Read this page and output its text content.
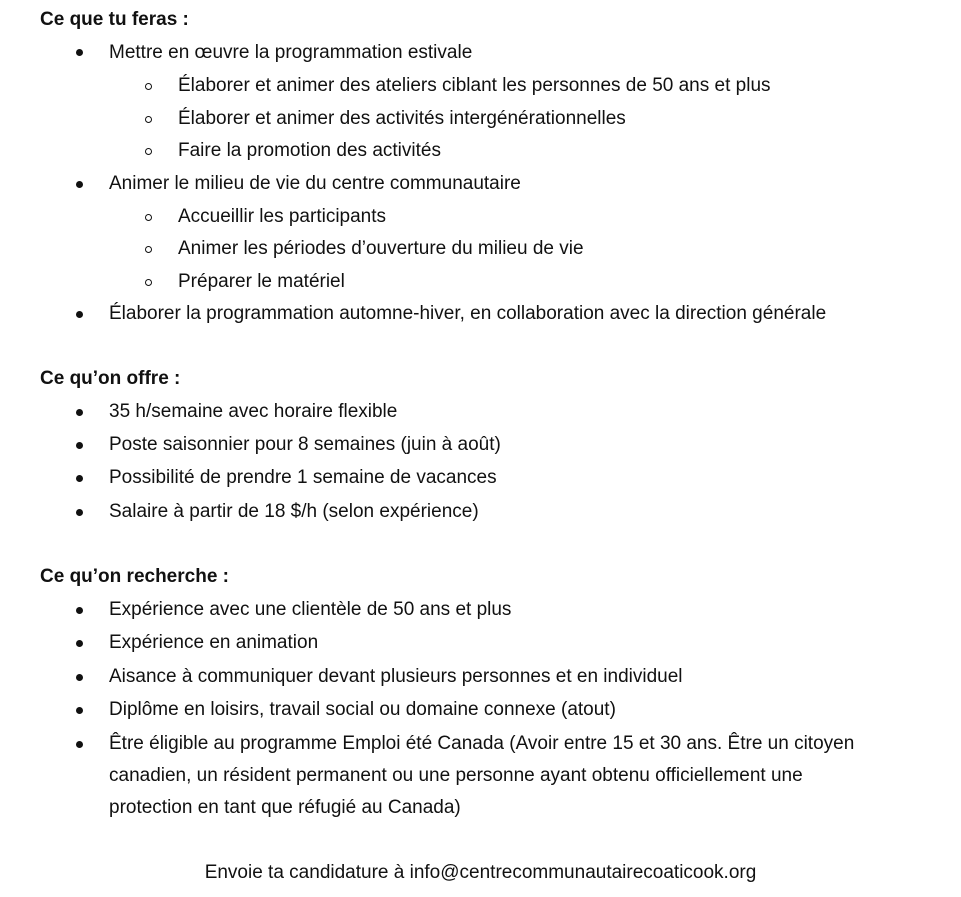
Ce que tu feras :
Mettre en œuvre la programmation estivale
Élaborer et animer des ateliers ciblant les personnes de 50 ans et plus
Élaborer et animer des activités intergénérationnelles
Faire la promotion des activités
Animer le milieu de vie du centre communautaire
Accueillir les participants
Animer les périodes d’ouverture du milieu de vie
Préparer le matériel
Élaborer la programmation automne-hiver, en collaboration avec la direction générale
Ce qu’on offre :
35 h/semaine avec horaire flexible
Poste saisonnier pour 8 semaines (juin à août)
Possibilité de prendre 1 semaine de vacances
Salaire à partir de 18 $/h (selon expérience)
Ce qu’on recherche :
Expérience avec une clientèle de 50 ans et plus
Expérience en animation
Aisance à communiquer devant plusieurs personnes et en individuel
Diplôme en loisirs, travail social ou domaine connexe (atout)
Être éligible au programme Emploi été Canada (Avoir entre 15 et 30 ans. Être un citoyen
canadien, un résident permanent ou une personne ayant obtenu officiellement une
protection en tant que réfugié au Canada)
Envoie ta candidature à info@centrecommunautairecoaticook.org
